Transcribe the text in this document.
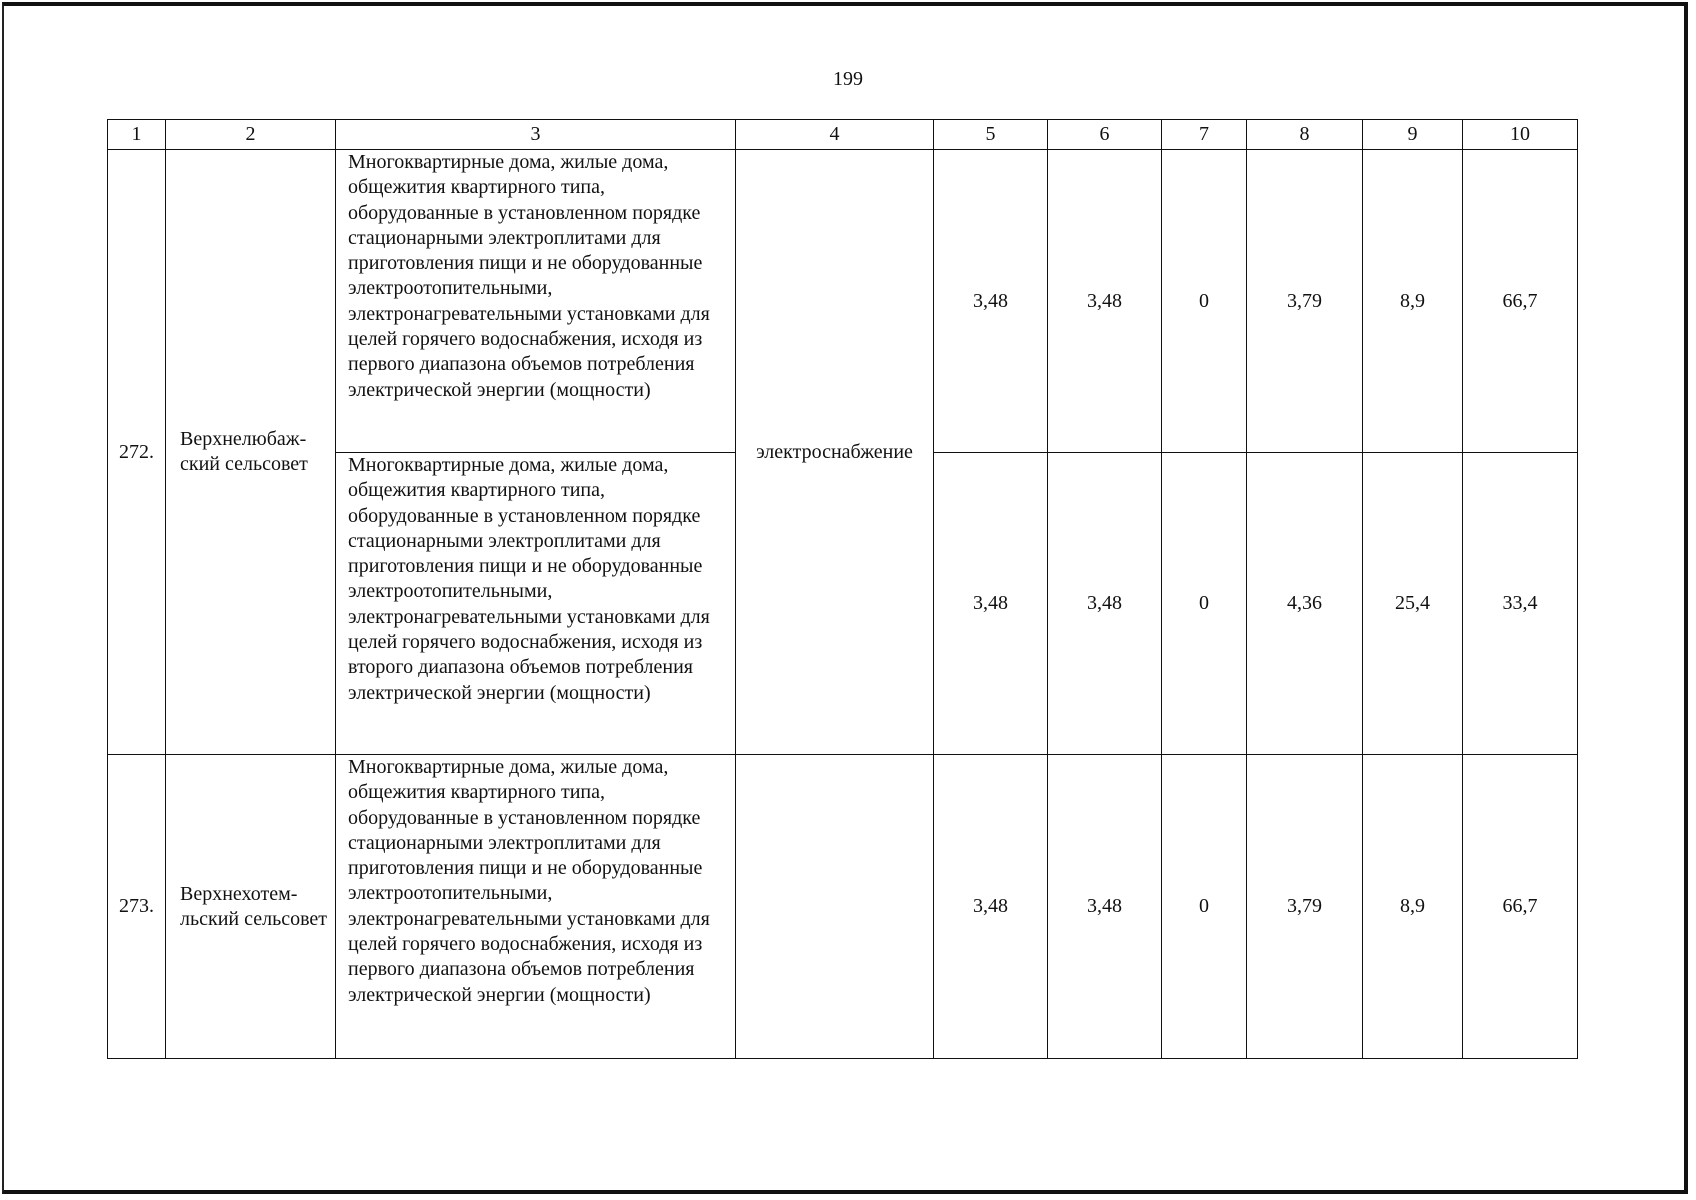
199
1	2	3	4	5	6	7	8	9	10
272.	Верхнелюбаж-ский сельсовет	Многоквартирные дома, жилые дома, общежития квартирного типа, оборудованные в установленном порядке стационарными электроплитами для приготовления пищи и не оборудованные электроотопительными, электронагревательными установками для целей горячего водоснабжения, исходя из первого диапазона объемов потребления электрической энергии (мощности)	электроснабжение	3,48	3,48	0	3,79	8,9	66,7
		Многоквартирные дома, жилые дома, общежития квартирного типа, оборудованные в установленном порядке стационарными электроплитами для приготовления пищи и не оборудованные электроотопительными, электронагревательными установками для целей горячего водоснабжения, исходя из второго диапазона объемов потребления электрической энергии (мощности)		3,48	3,48	0	4,36	25,4	33,4
273.	Верхнехотем-льский сельсовет	Многоквартирные дома, жилые дома, общежития квартирного типа, оборудованные в установленном порядке стационарными электроплитами для приготовления пищи и не оборудованные электроотопительными, электронагревательными установками для целей горячего водоснабжения, исходя из первого диапазона объемов потребления электрической энергии (мощности)		3,48	3,48	0	3,79	8,9	66,7
